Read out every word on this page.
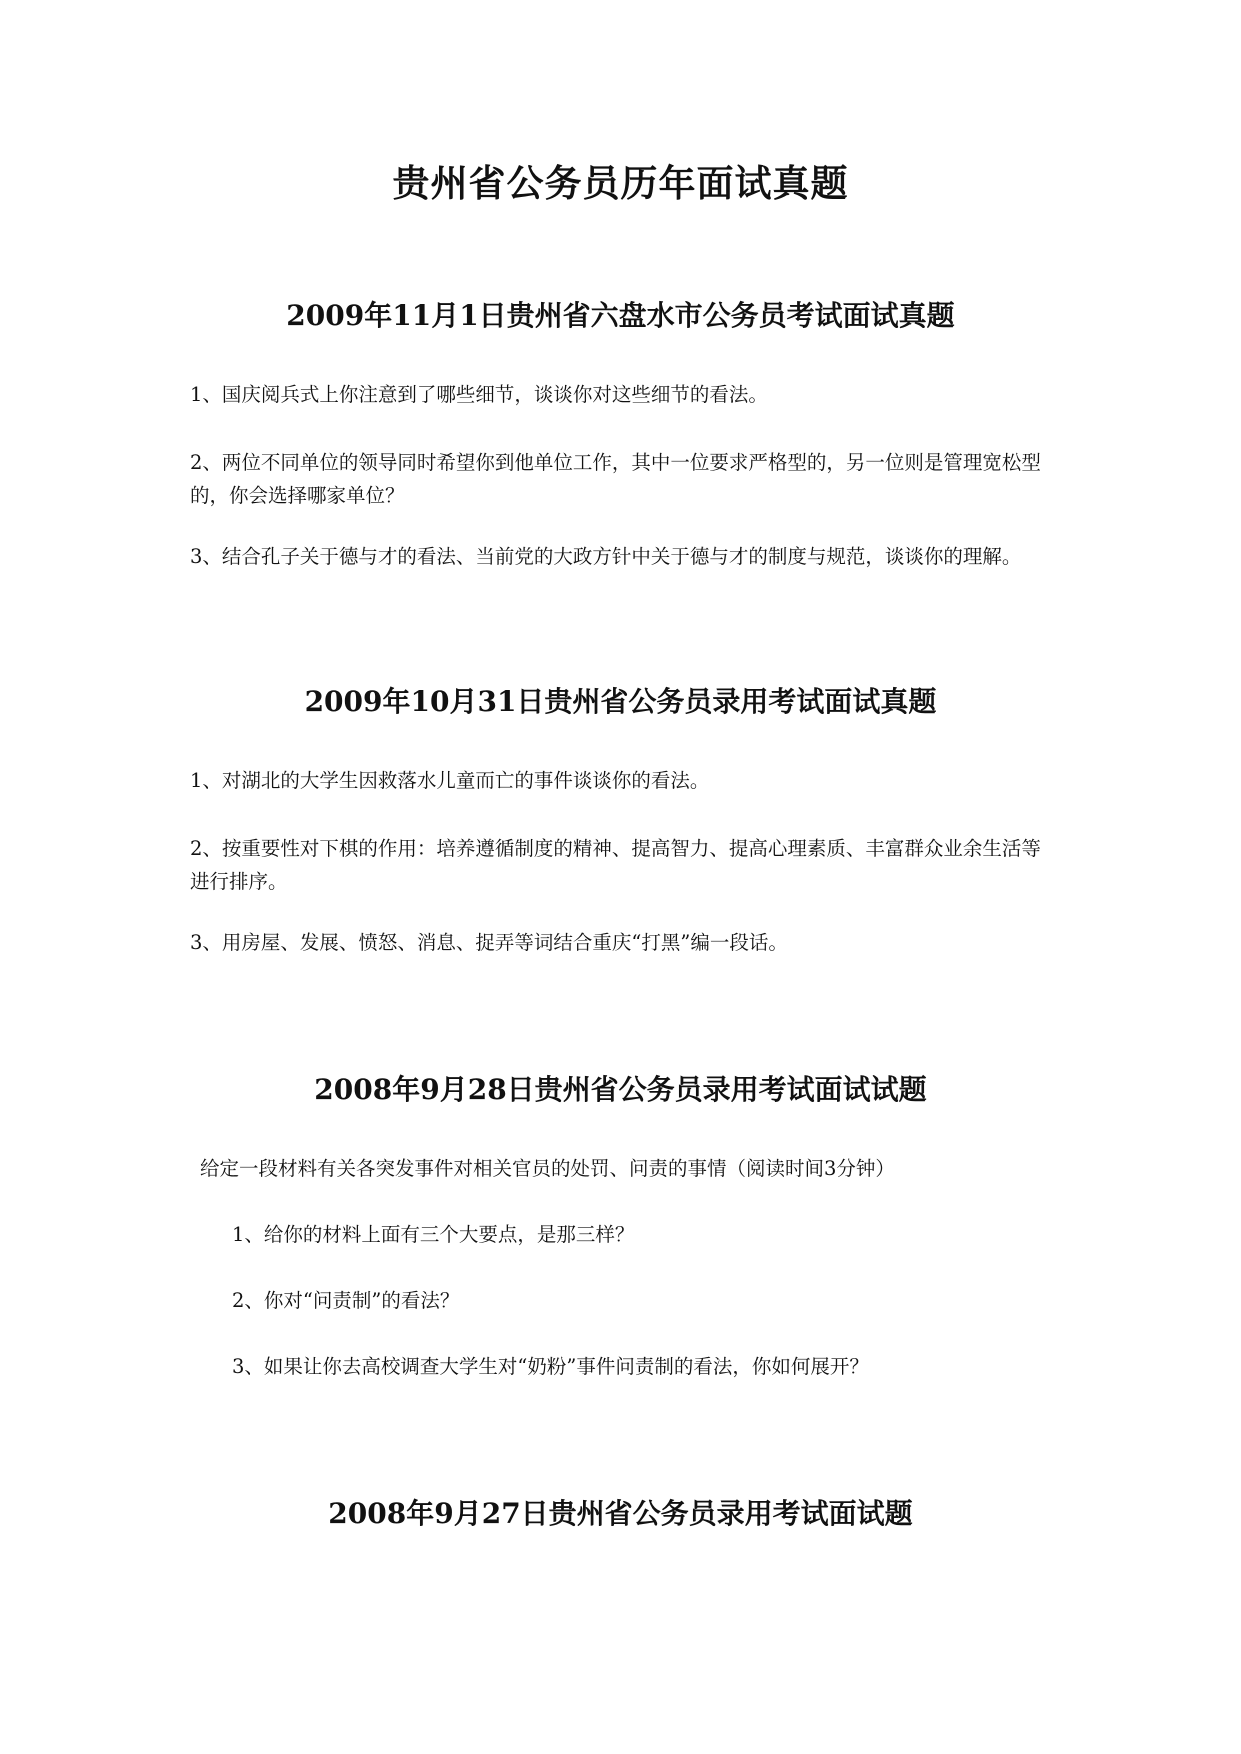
贵州省公务员历年面试真题
2009年11月1日贵州省六盘水市公务员考试面试真题

1、国庆阅兵式上你注意到了哪些细节，谈谈你对这些细节的看法。

2、两位不同单位的领导同时希望你到他单位工作，其中一位要求严格型的，另一位则是管理宽松型的，你会选择哪家单位？

3、结合孔子关于德与才的看法、当前党的大政方针中关于德与才的制度与规范，谈谈你的理解。

2009年10月31日贵州省公务员录用考试面试真题

1、对湖北的大学生因救落水儿童而亡的事件谈谈你的看法。

2、按重要性对下棋的作用：培养遵循制度的精神、提高智力、提高心理素质、丰富群众业余生活等进行排序。

3、用房屋、发展、愤怒、消息、捉弄等词结合重庆“打黑”编一段话。

2008年9月28日贵州省公务员录用考试面试试题

给定一段材料有关各突发事件对相关官员的处罚、问责的事情（阅读时间3分钟）

1、给你的材料上面有三个大要点，是那三样？

2、你对“问责制”的看法？

3、如果让你去高校调查大学生对“奶粉”事件问责制的看法，你如何展开？

2008年9月27日贵州省公务员录用考试面试题
